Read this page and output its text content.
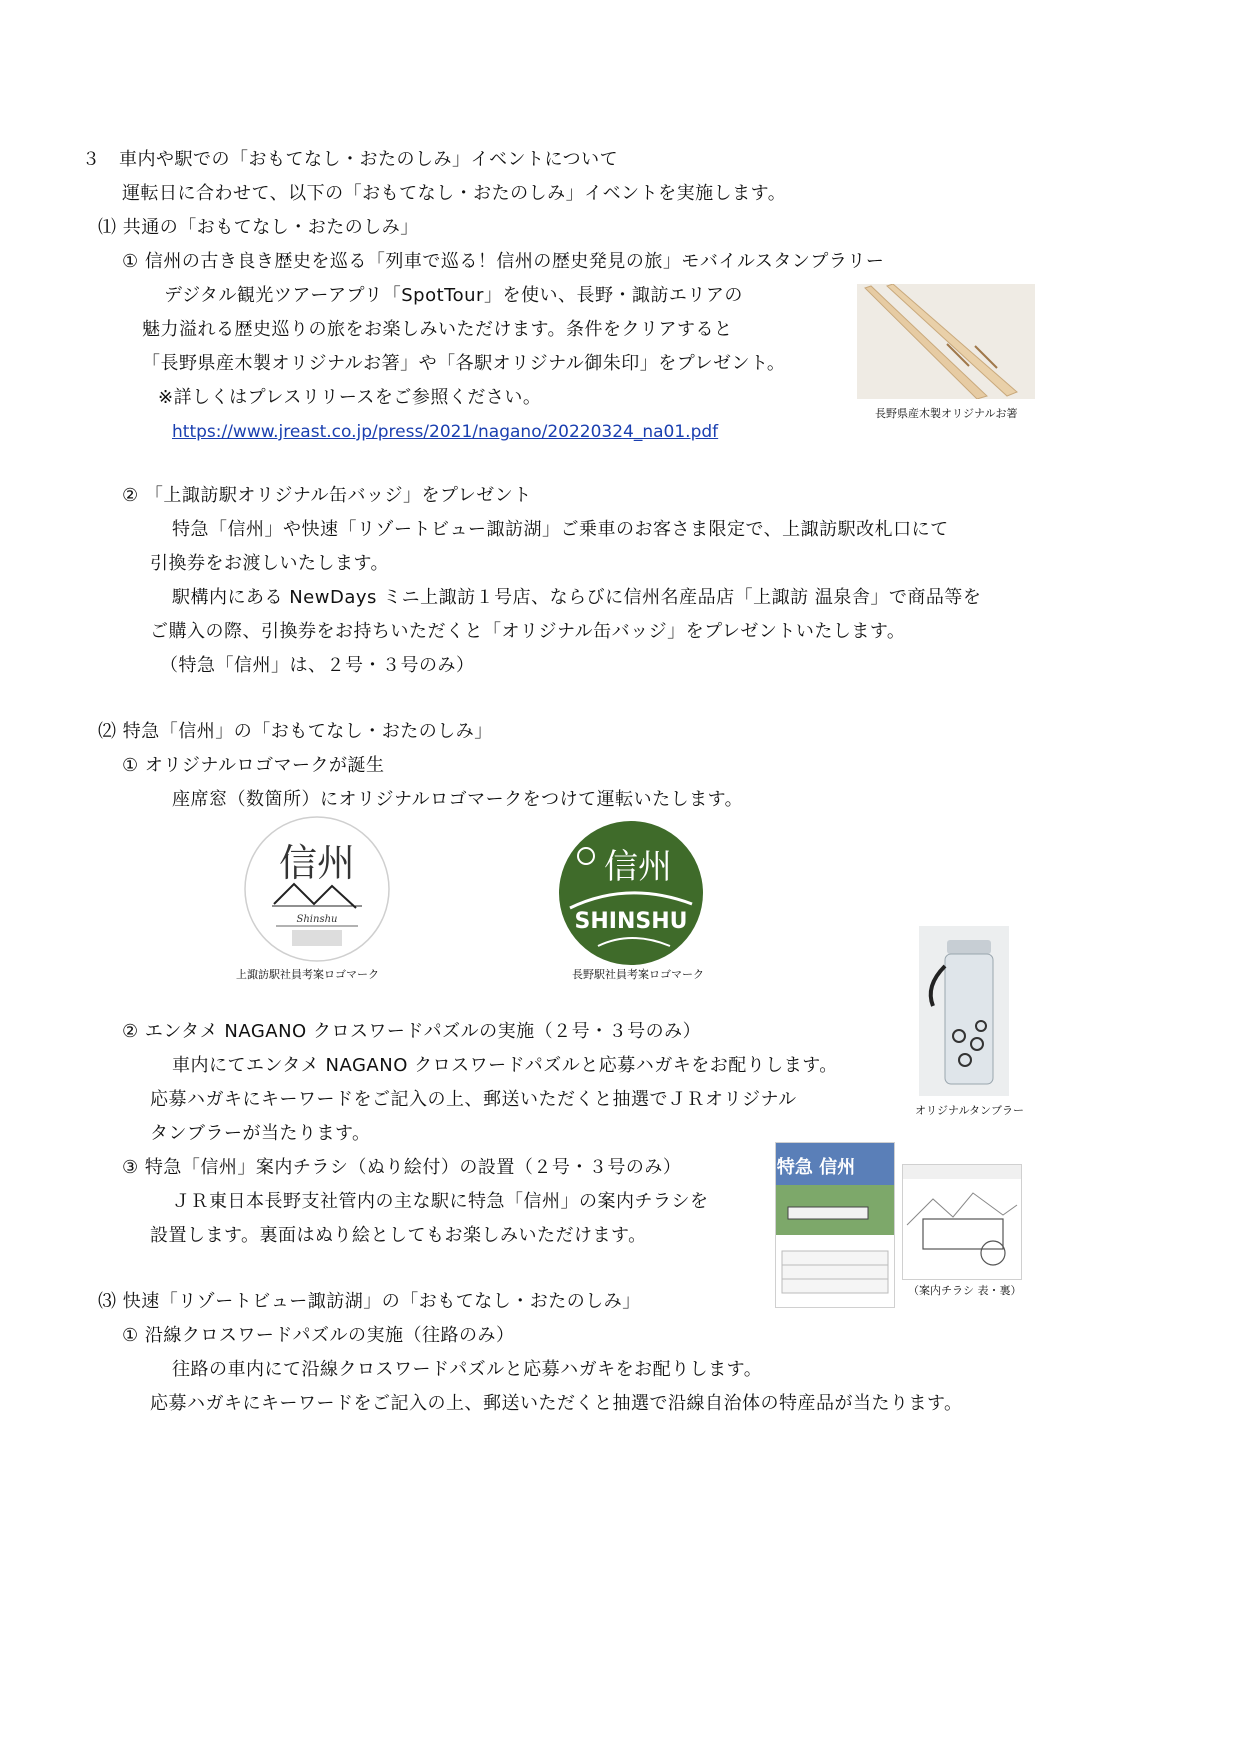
３　車内や駅での「おもてなし・おたのしみ」イベントについて
運転日に合わせて、以下の「おもてなし・おたのしみ」イベントを実施します。
⑴ 共通の「おもてなし・おたのしみ」
① 信州の古き良き歴史を巡る「列車で巡る！信州の歴史発見の旅」モバイルスタンプラリー
デジタル観光ツアーアプリ「SpotTour」を使い、長野・諏訪エリアの
魅力溢れる歴史巡りの旅をお楽しみいただけます。条件をクリアすると
「長野県産木製オリジナルお箸」や「各駅オリジナル御朱印」をプレゼント。
※詳しくはプレスリリースをご参照ください。
https://www.jreast.co.jp/press/2021/nagano/20220324_na01.pdf
長野県産木製オリジナルお箸
② 「上諏訪駅オリジナル缶バッジ」をプレゼント
特急「信州」や快速「リゾートビュー諏訪湖」ご乗車のお客さま限定で、上諏訪駅改札口にて
引換券をお渡しいたします。
駅構内にある NewDays ミニ上諏訪１号店、ならびに信州名産品店「上諏訪 温泉舎」で商品等を
ご購入の際、引換券をお持ちいただくと「オリジナル缶バッジ」をプレゼントいたします。
（特急「信州」は、２号・３号のみ）
⑵ 特急「信州」の「おもてなし・おたのしみ」
① オリジナルロゴマークが誕生
座席窓（数箇所）にオリジナルロゴマークをつけて運転いたします。
信州
Shinshu
上諏訪駅社員考案ロゴマーク
信州
SHINSHU
長野駅社員考案ロゴマーク
オリジナルタンブラー
② エンタメ NAGANO クロスワードパズルの実施（２号・３号のみ）
車内にてエンタメ NAGANO クロスワードパズルと応募ハガキをお配りします。
応募ハガキにキーワードをご記入の上、郵送いただくと抽選でＪＲオリジナル
タンブラーが当たります。
③ 特急「信州」案内チラシ（ぬり絵付）の設置（２号・３号のみ）
ＪＲ東日本長野支社管内の主な駅に特急「信州」の案内チラシを
設置します。裏面はぬり絵としてもお楽しみいただけます。
特急 信州
（案内チラシ 表・裏）
⑶ 快速「リゾートビュー諏訪湖」の「おもてなし・おたのしみ」
① 沿線クロスワードパズルの実施（往路のみ）
往路の車内にて沿線クロスワードパズルと応募ハガキをお配りします。
応募ハガキにキーワードをご記入の上、郵送いただくと抽選で沿線自治体の特産品が当たります。
